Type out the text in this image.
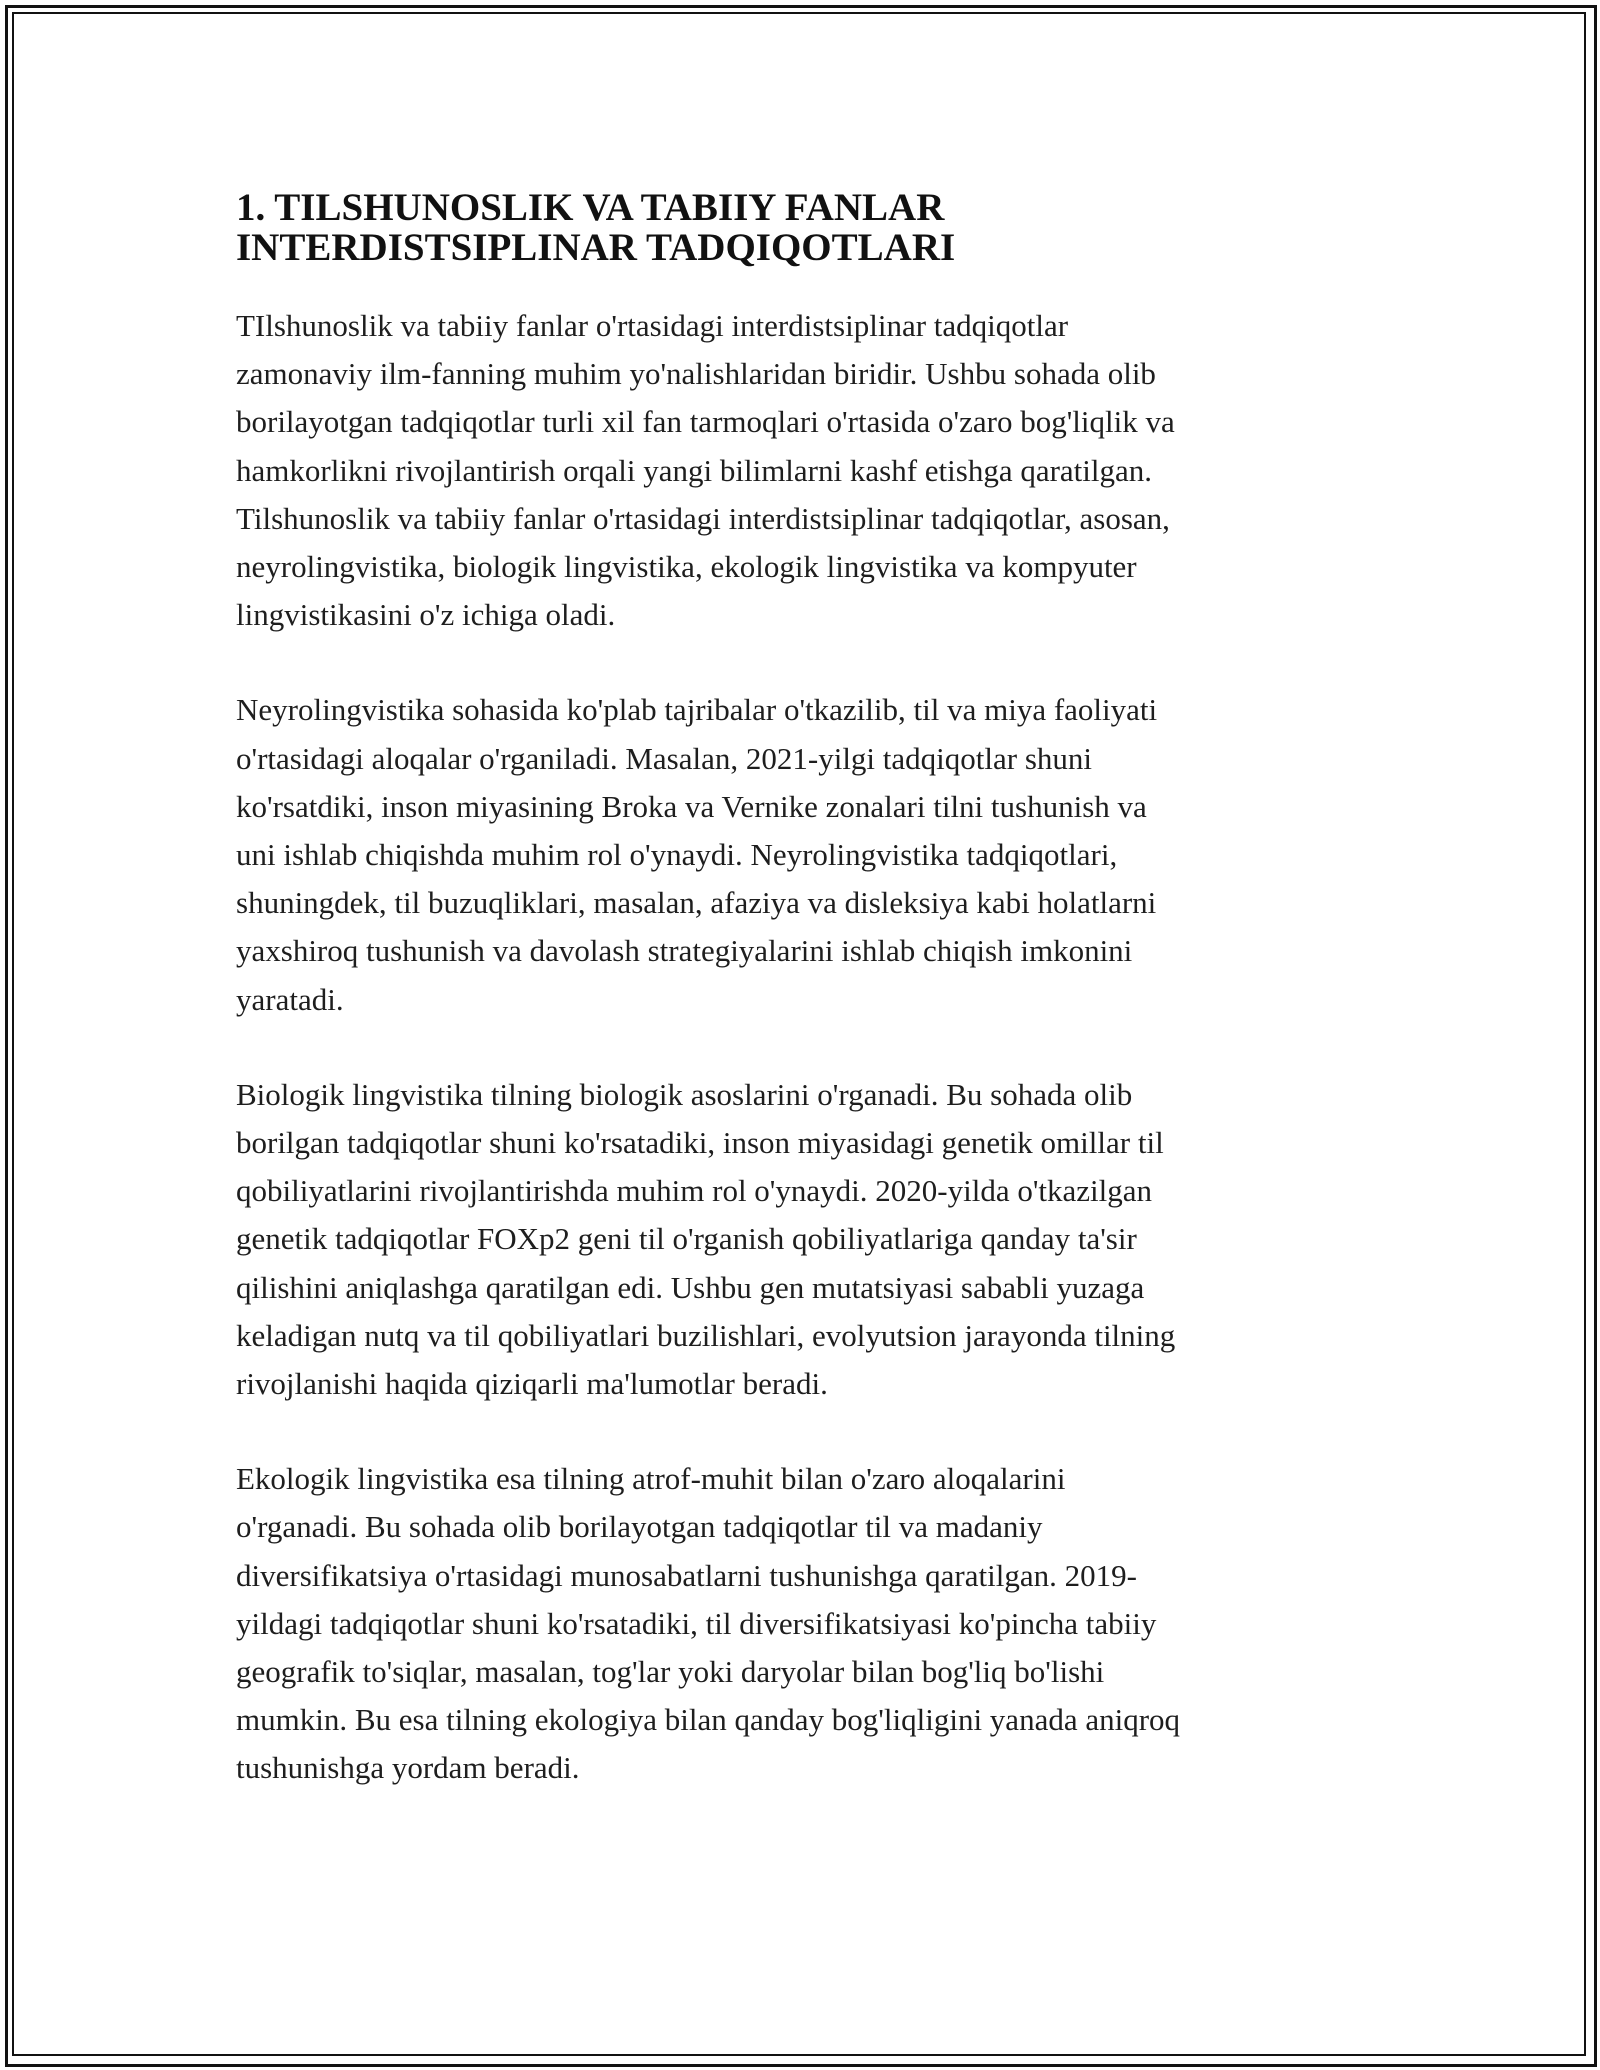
1. TILSHUNOSLIK VA TABIIY FANLAR
INTERDISTSIPLINAR TADQIQOTLARI

TIlshunoslik va tabiiy fanlar o'rtasidagi interdistsiplinar tadqiqotlar
zamonaviy ilm-fanning muhim yo'nalishlaridan biridir. Ushbu sohada olib
borilayotgan tadqiqotlar turli xil fan tarmoqlari o'rtasida o'zaro bog'liqlik va
hamkorlikni rivojlantirish orqali yangi bilimlarni kashf etishga qaratilgan.
Tilshunoslik va tabiiy fanlar o'rtasidagi interdistsiplinar tadqiqotlar, asosan,
neyrolingvistika, biologik lingvistika, ekologik lingvistika va kompyuter
lingvistikasini o'z ichiga oladi.

Neyrolingvistika sohasida ko'plab tajribalar o'tkazilib, til va miya faoliyati
o'rtasidagi aloqalar o'rganiladi. Masalan, 2021-yilgi tadqiqotlar shuni
ko'rsatdiki, inson miyasining Broka va Vernike zonalari tilni tushunish va
uni ishlab chiqishda muhim rol o'ynaydi. Neyrolingvistika tadqiqotlari,
shuningdek, til buzuqliklari, masalan, afaziya va disleksiya kabi holatlarni
yaxshiroq tushunish va davolash strategiyalarini ishlab chiqish imkonini
yaratadi.

Biologik lingvistika tilning biologik asoslarini o'rganadi. Bu sohada olib
borilgan tadqiqotlar shuni ko'rsatadiki, inson miyasidagi genetik omillar til
qobiliyatlarini rivojlantirishda muhim rol o'ynaydi. 2020-yilda o'tkazilgan
genetik tadqiqotlar FOXp2 geni til o'rganish qobiliyatlariga qanday ta'sir
qilishini aniqlashga qaratilgan edi. Ushbu gen mutatsiyasi sababli yuzaga
keladigan nutq va til qobiliyatlari buzilishlari, evolyutsion jarayonda tilning
rivojlanishi haqida qiziqarli ma'lumotlar beradi.

Ekologik lingvistika esa tilning atrof-muhit bilan o'zaro aloqalarini
o'rganadi. Bu sohada olib borilayotgan tadqiqotlar til va madaniy
diversifikatsiya o'rtasidagi munosabatlarni tushunishga qaratilgan. 2019-
yildagi tadqiqotlar shuni ko'rsatadiki, til diversifikatsiyasi ko'pincha tabiiy
geografik to'siqlar, masalan, tog'lar yoki daryolar bilan bog'liq bo'lishi
mumkin. Bu esa tilning ekologiya bilan qanday bog'liqligini yanada aniqroq
tushunishga yordam beradi.
